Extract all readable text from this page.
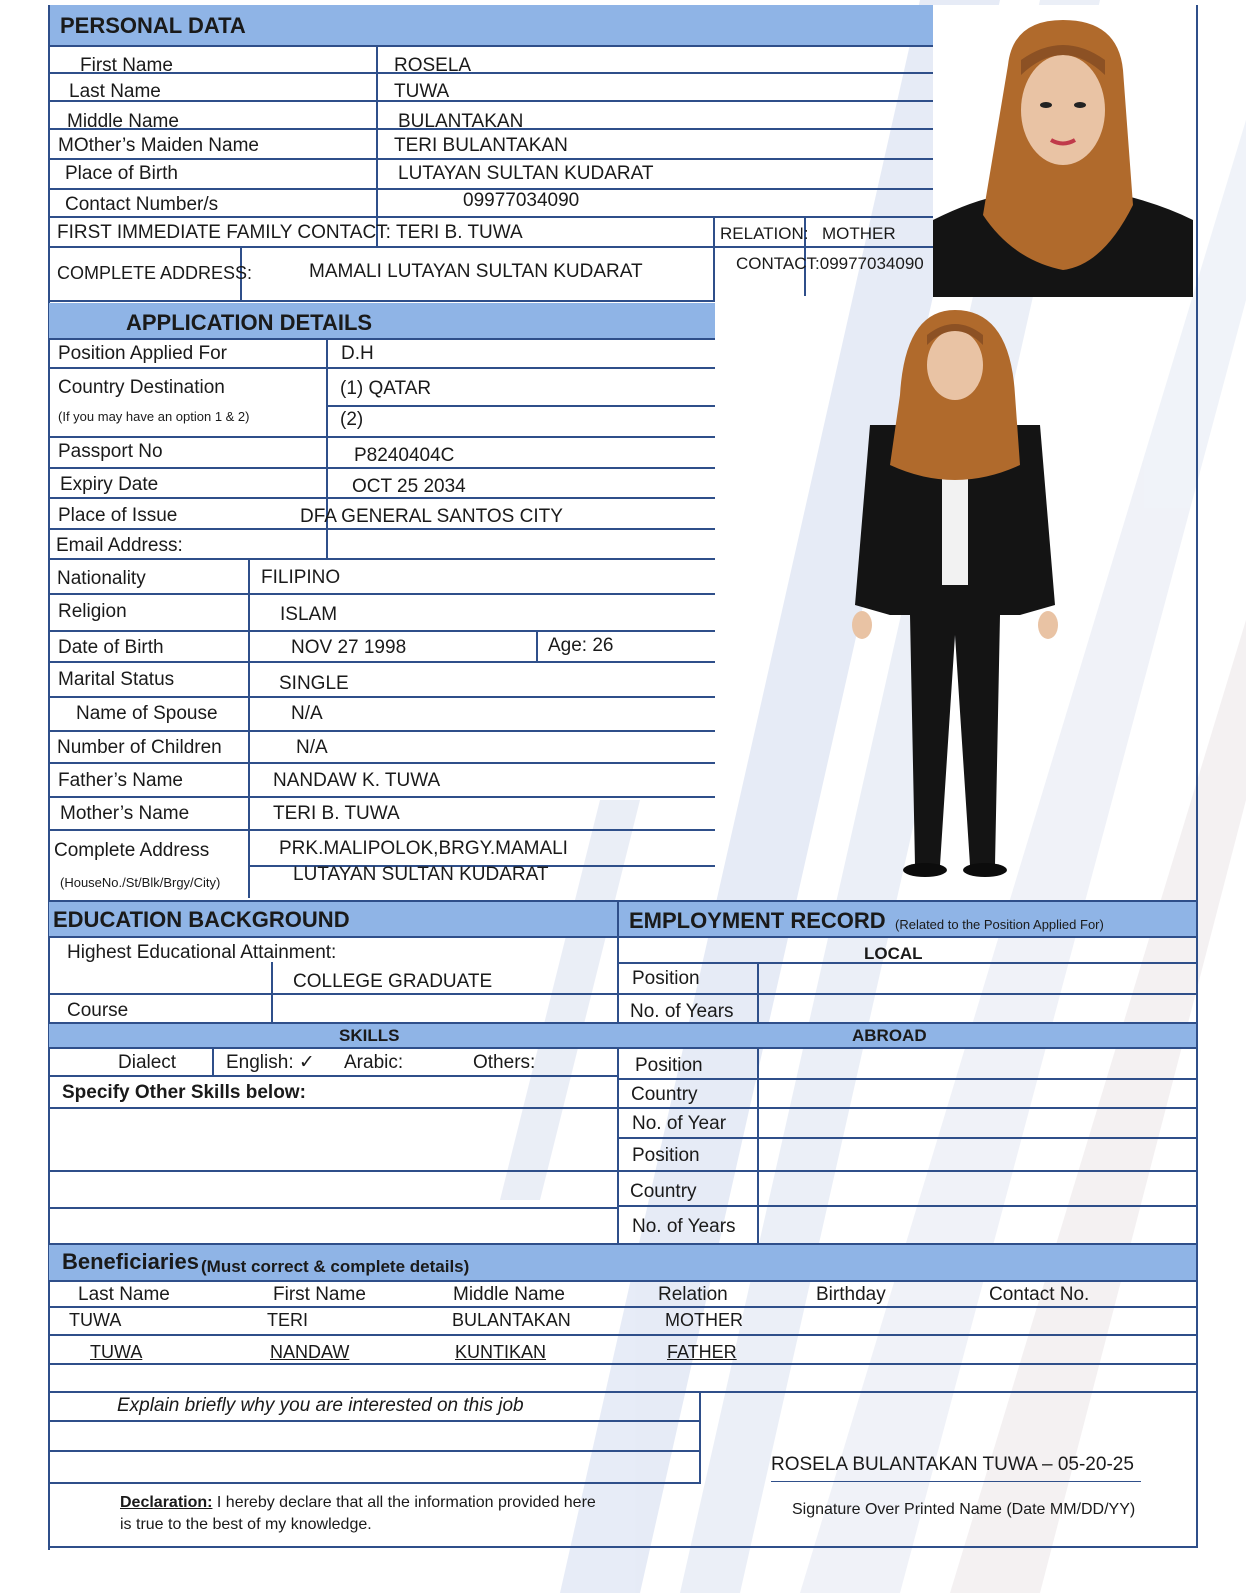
PERSONAL DATA
First Name	ROSELA
Last Name	TUWA
Middle Name	BULANTAKAN
MOther’s Maiden Name	TERI BULANTAKAN
Place of Birth	LUTAYAN SULTAN KUDARAT
Contact Number/s	09977034090
FIRST IMMEDIATE FAMILY CONTACT: TERI B. TUWA	RELATION: MOTHER
CONTACT:09977034090
COMPLETE ADDRESS:	MAMALI LUTAYAN SULTAN KUDARAT
APPLICATION DETAILS
Position Applied For	D.H
Country Destination
(If you may have an option 1 & 2)
(1) QATAR
(2)
Passport No	P8240404C
Expiry Date	OCT 25 2034
Place of Issue	DFA GENERAL SANTOS CITY
Email Address:
Nationality	FILIPINO
Religion	ISLAM
Date of Birth	NOV 27 1998	Age: 26
Marital Status	SINGLE
Name of Spouse	N/A
Number of Children	N/A
Father’s Name	NANDAW K. TUWA
Mother’s Name	TERI B. TUWA
Complete Address
(HouseNo./St/Blk/Brgy/City)
PRK.MALIPOLOK,BRGY.MAMALI
LUTAYAN SULTAN KUDARAT
EDUCATION BACKGROUND	EMPLOYMENT RECORD (Related to the Position Applied For)
Highest Educational Attainment:
COLLEGE GRADUATE
Course
LOCAL
Position
No. of Years
SKILLS	ABROAD
Dialect	English: ✓ Arabic:	Others:
Specify Other Skills below:
Position
Country
No. of Year
Position
Country
No. of Years
Beneficiaries (Must correct & complete details)
Last Name	First Name	Middle Name	Relation	Birthday	Contact No.
TUWA	TERI	BULANTAKAN	MOTHER
TUWA	NANDAW	KUNTIKAN	FATHER
Explain briefly why you are interested on this job
Declaration: I hereby declare that all the information provided here
is true to the best of my knowledge.
ROSELA BULANTAKAN TUWA – 05-20-25
Signature Over Printed Name (Date MM/DD/YY)
